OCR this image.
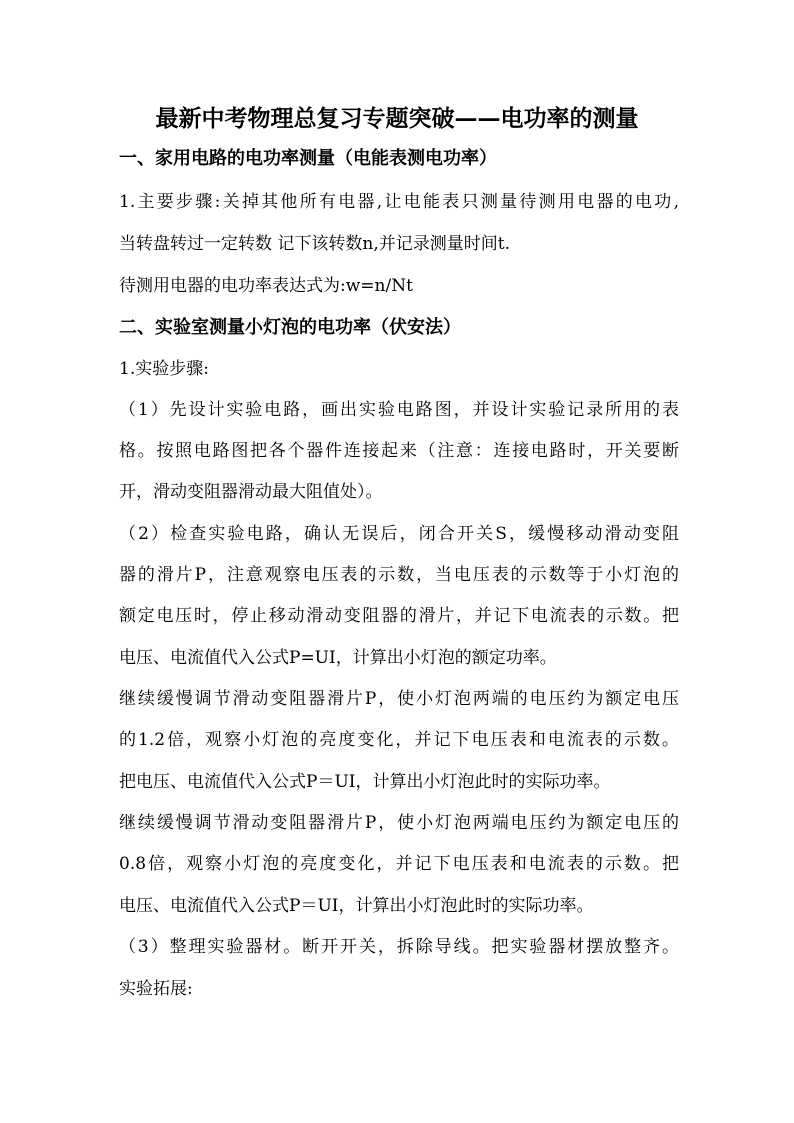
最新中考物理总复习专题突破——电功率的测量
一、家用电路的电功率测量（电能表测电功率）
1.主要步骤:关掉其他所有电器,让电能表只测量待测用电器的电功,
当转盘转过一定转数 记下该转数n,并记录测量时间t.
待测用电器的电功率表达式为:w=n/Nt
二、实验室测量小灯泡的电功率（伏安法）
1.实验步骤:
（1）先设计实验电路，画出实验电路图，并设计实验记录所用的表
格。按照电路图把各个器件连接起来（注意：连接电路时，开关要断
开，滑动变阻器滑动最大阻值处）。
（2）检查实验电路，确认无误后，闭合开关S，缓慢移动滑动变阻
器的滑片P，注意观察电压表的示数，当电压表的示数等于小灯泡的
额定电压时，停止移动滑动变阻器的滑片，并记下电流表的示数。把
电压、电流值代入公式P=UI，计算出小灯泡的额定功率。
继续缓慢调节滑动变阻器滑片P，使小灯泡两端的电压约为额定电压
的1.2倍，观察小灯泡的亮度变化，并记下电压表和电流表的示数。
把电压、电流值代入公式P＝UI，计算出小灯泡此时的实际功率。
继续缓慢调节滑动变阻器滑片P，使小灯泡两端电压约为额定电压的
0.8倍，观察小灯泡的亮度变化，并记下电压表和电流表的示数。把
电压、电流值代入公式P＝UI，计算出小灯泡此时的实际功率。
（3）整理实验器材。断开开关，拆除导线。把实验器材摆放整齐。
实验拓展:
